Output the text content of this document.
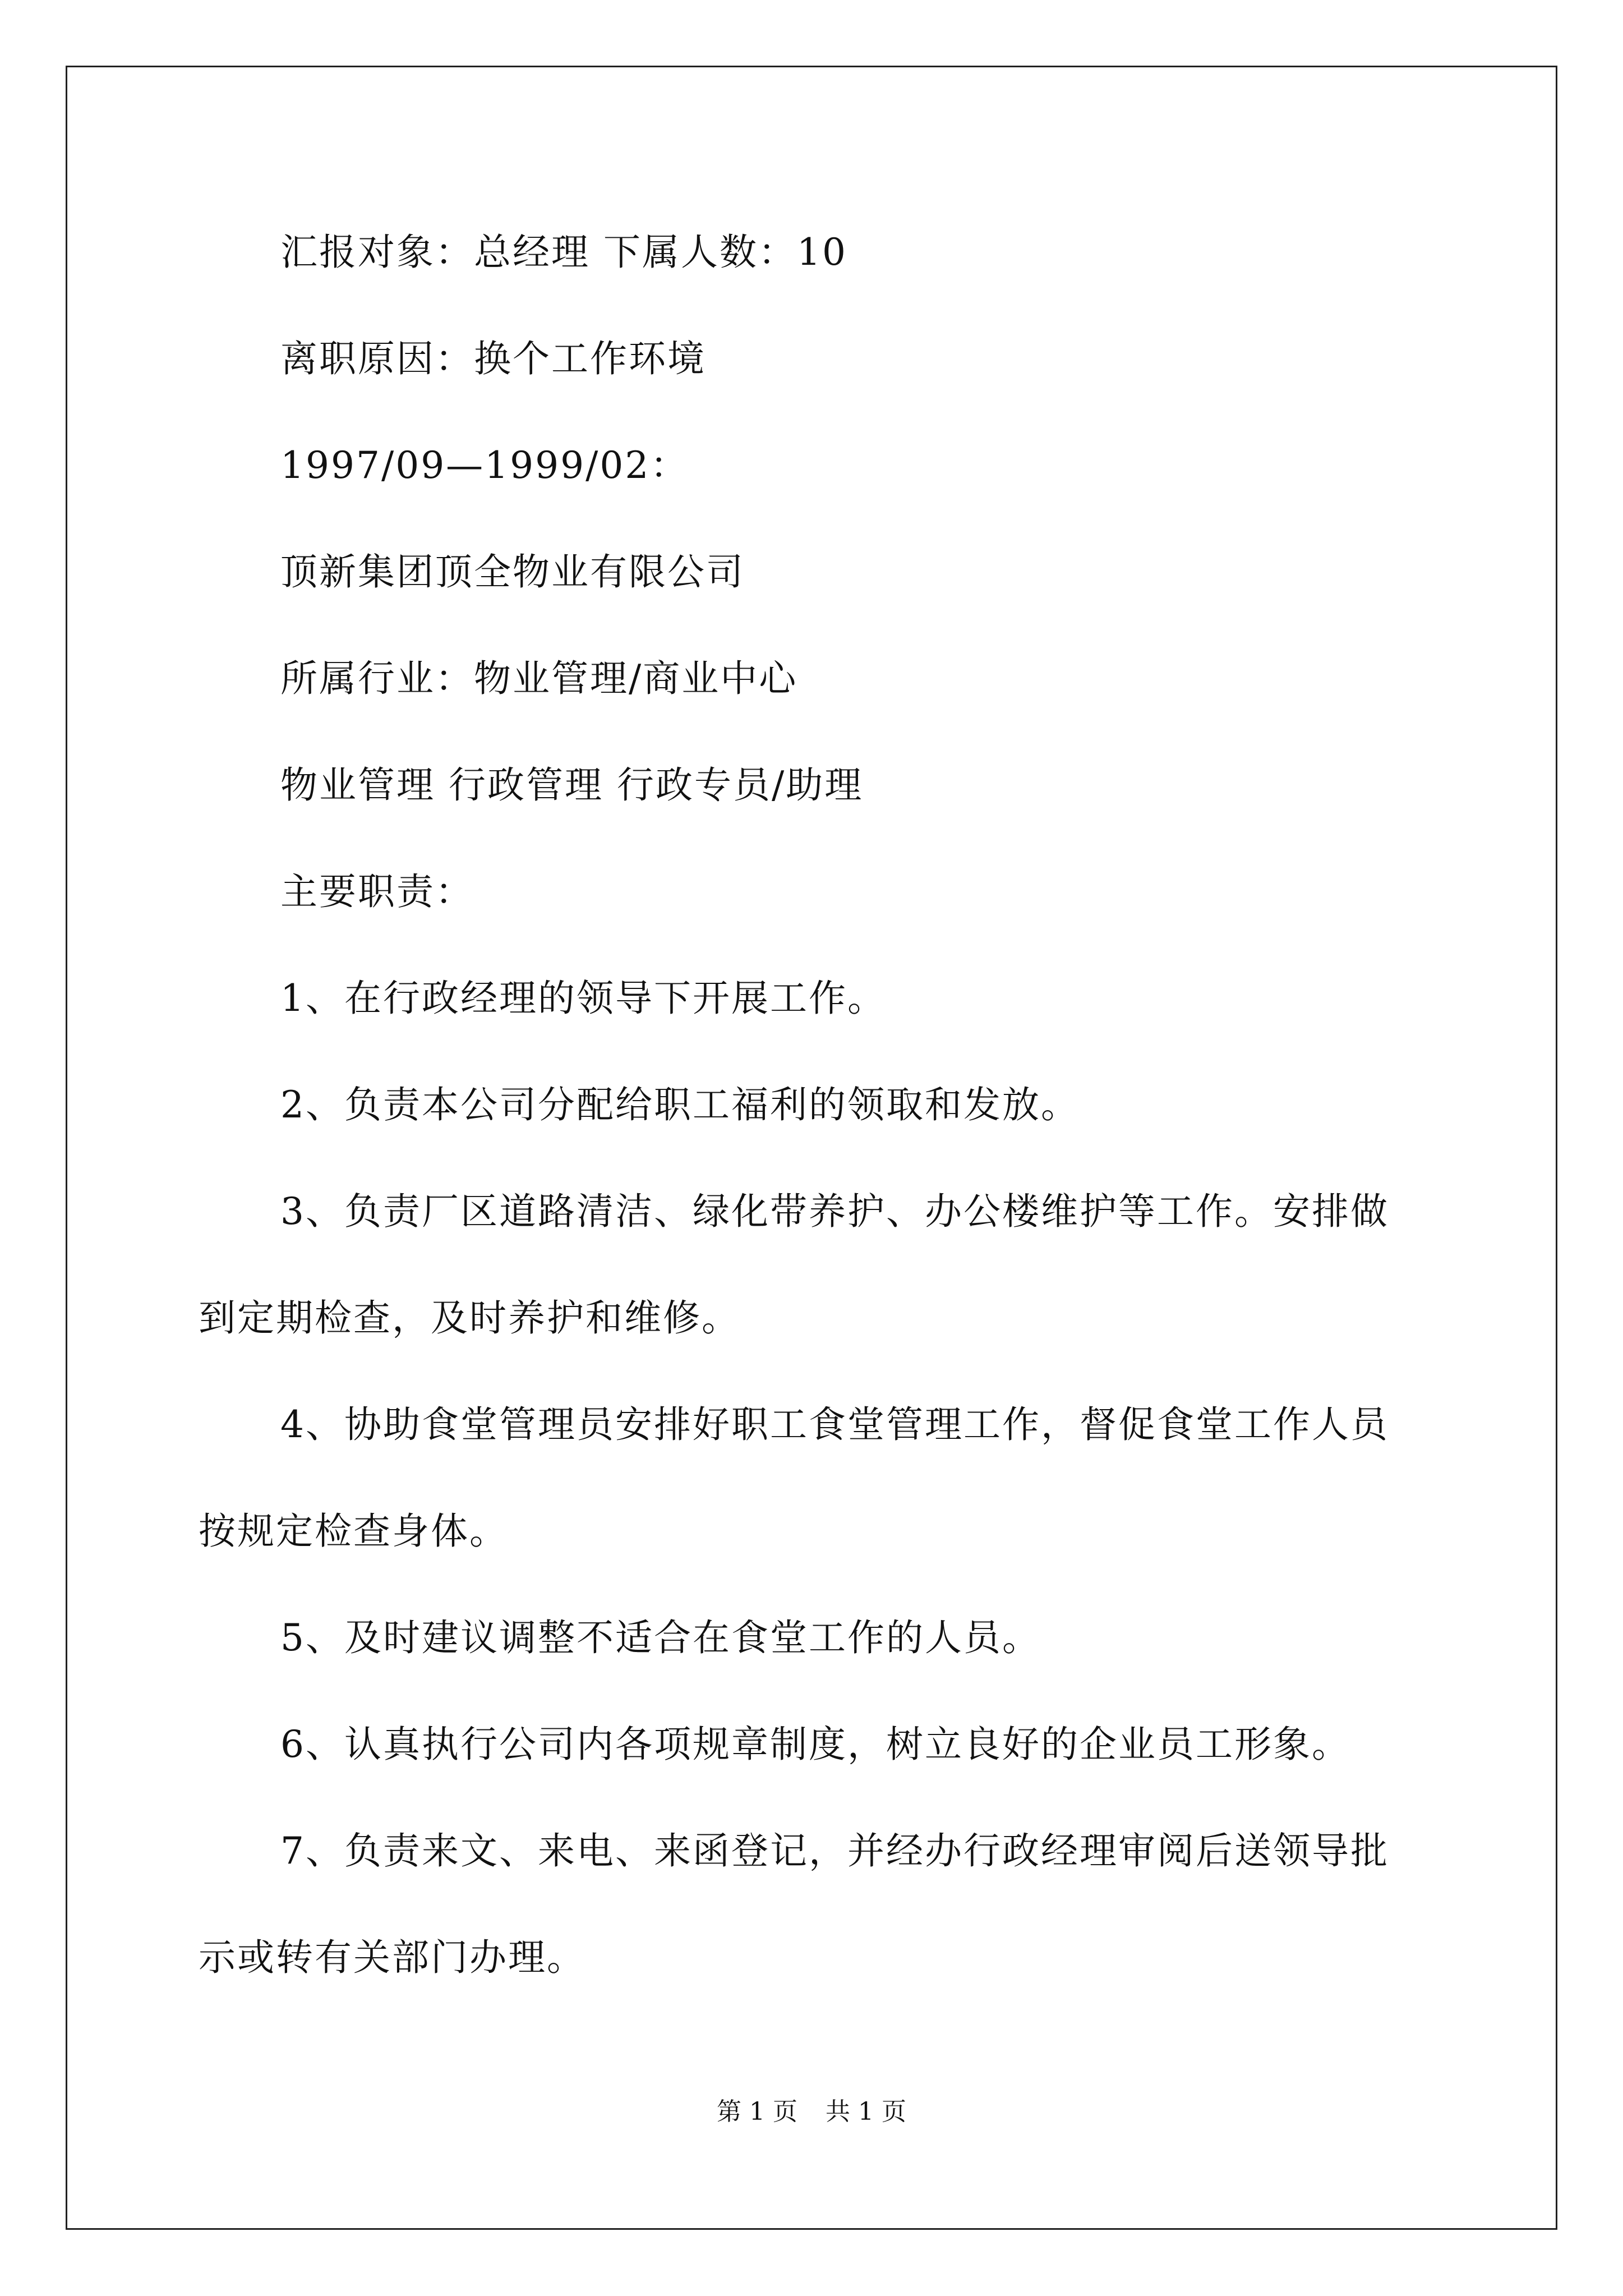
汇报对象：总经理 下属人数：10
离职原因：换个工作环境
1997/09—1999/02：
顶新集团顶全物业有限公司
所属行业：物业管理/商业中心
物业管理 行政管理 行政专员/助理
主要职责：
1、在行政经理的领导下开展工作。
2、负责本公司分配给职工福利的领取和发放。
3、负责厂区道路清洁、绿化带养护、办公楼维护等工作。安排做
到定期检查，及时养护和维修。
4、协助食堂管理员安排好职工食堂管理工作，督促食堂工作人员
按规定检查身体。
5、及时建议调整不适合在食堂工作的人员。
6、认真执行公司内各项规章制度，树立良好的企业员工形象。
7、负责来文、来电、来函登记，并经办行政经理审阅后送领导批
示或转有关部门办理。
第 1 页 共 1 页
